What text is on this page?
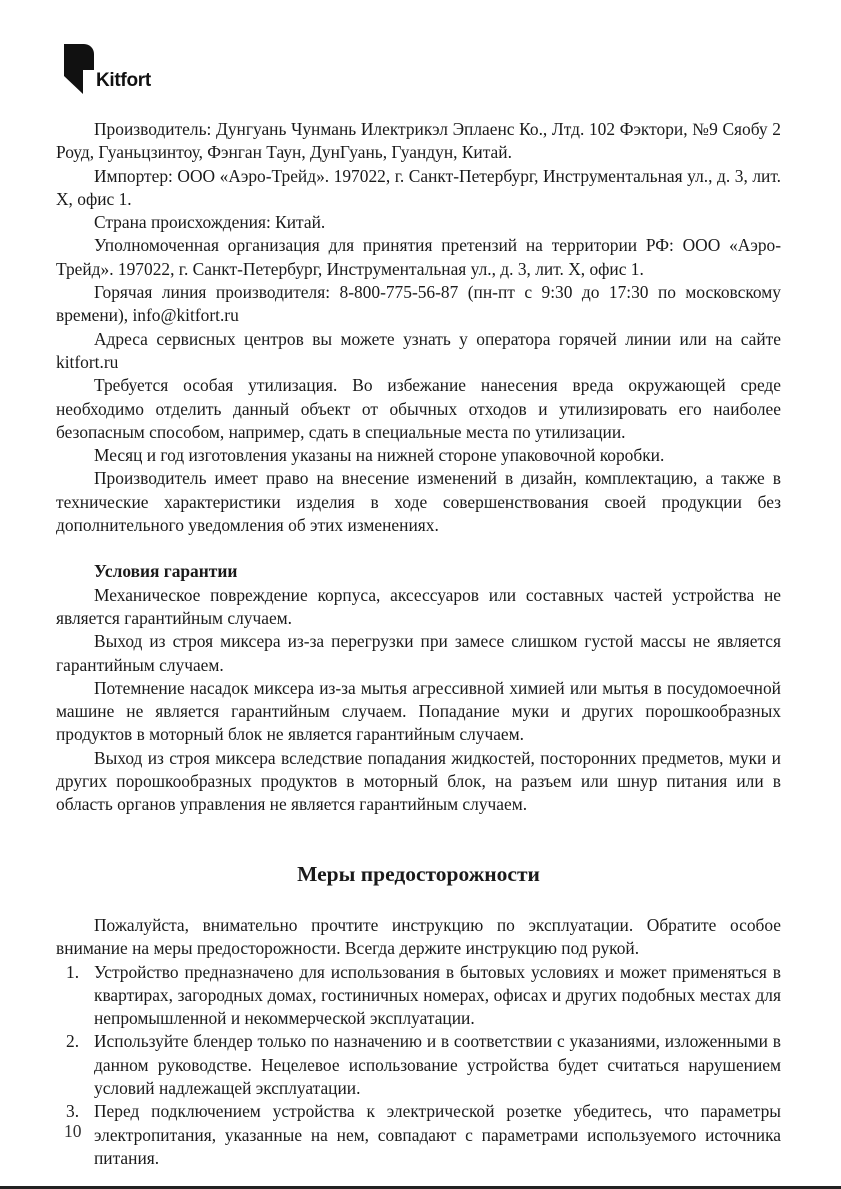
Kitfort

Производитель: Дунгуань Чунмань Илектрикэл Эплаенс Ко., Лтд. 102 Фэктори, №9 Сяобу 2 Роуд, Гуаньцзинтоу, Фэнган Таун, ДунГуань, Гуандун, Китай.

Импортер: ООО «Аэро-Трейд». 197022, г. Санкт-Петербург, Инструментальная ул., д. 3, лит. Х, офис 1.

Страна происхождения: Китай.

Уполномоченная организация для принятия претензий на территории РФ: ООО «Аэро-Трейд». 197022, г. Санкт-Петербург, Инструментальная ул., д. 3, лит. Х, офис 1.

Горячая линия производителя: 8-800-775-56-87 (пн-пт с 9:30 до 17:30 по московскому времени), info@kitfort.ru

Адреса сервисных центров вы можете узнать у оператора горячей линии или на сайте kitfort.ru

Требуется особая утилизация. Во избежание нанесения вреда окружающей среде необходимо отделить данный объект от обычных отходов и утилизировать его наиболее безопасным способом, например, сдать в специальные места по утилизации.

Месяц и год изготовления указаны на нижней стороне упаковочной коробки.

Производитель имеет право на внесение изменений в дизайн, комплектацию, а также в технические характеристики изделия в ходе совершенствования своей продукции без дополнительного уведомления об этих изменениях.

Условия гарантии

Механическое повреждение корпуса, аксессуаров или составных частей устройства не является гарантийным случаем.

Выход из строя миксера из-за перегрузки при замесе слишком густой массы не является гарантийным случаем.

Потемнение насадок миксера из-за мытья агрессивной химией или мытья в посудомоечной машине не является гарантийным случаем. Попадание муки и других порошкообразных продуктов в моторный блок не является гарантийным случаем.

Выход из строя миксера вследствие попадания жидкостей, посторонних предметов, муки и других порошкообразных продуктов в моторный блок, на разъем или шнур питания или в область органов управления не является гарантийным случаем.

Меры предосторожности

Пожалуйста, внимательно прочтите инструкцию по эксплуатации. Обратите особое внимание на меры предосторожности. Всегда держите инструкцию под рукой.

1. Устройство предназначено для использования в бытовых условиях и может применяться в квартирах, загородных домах, гостиничных номерах, офисах и других подобных местах для непромышленной и некоммерческой эксплуатации.
2. Используйте блендер только по назначению и в соответствии с указаниями, изложенными в данном руководстве. Нецелевое использование устройства будет считаться нарушением условий надлежащей эксплуатации.
3. Перед подключением устройства к электрической розетке убедитесь, что параметры электропитания, указанные на нем, совпадают с параметрами используемого источника питания.
10
